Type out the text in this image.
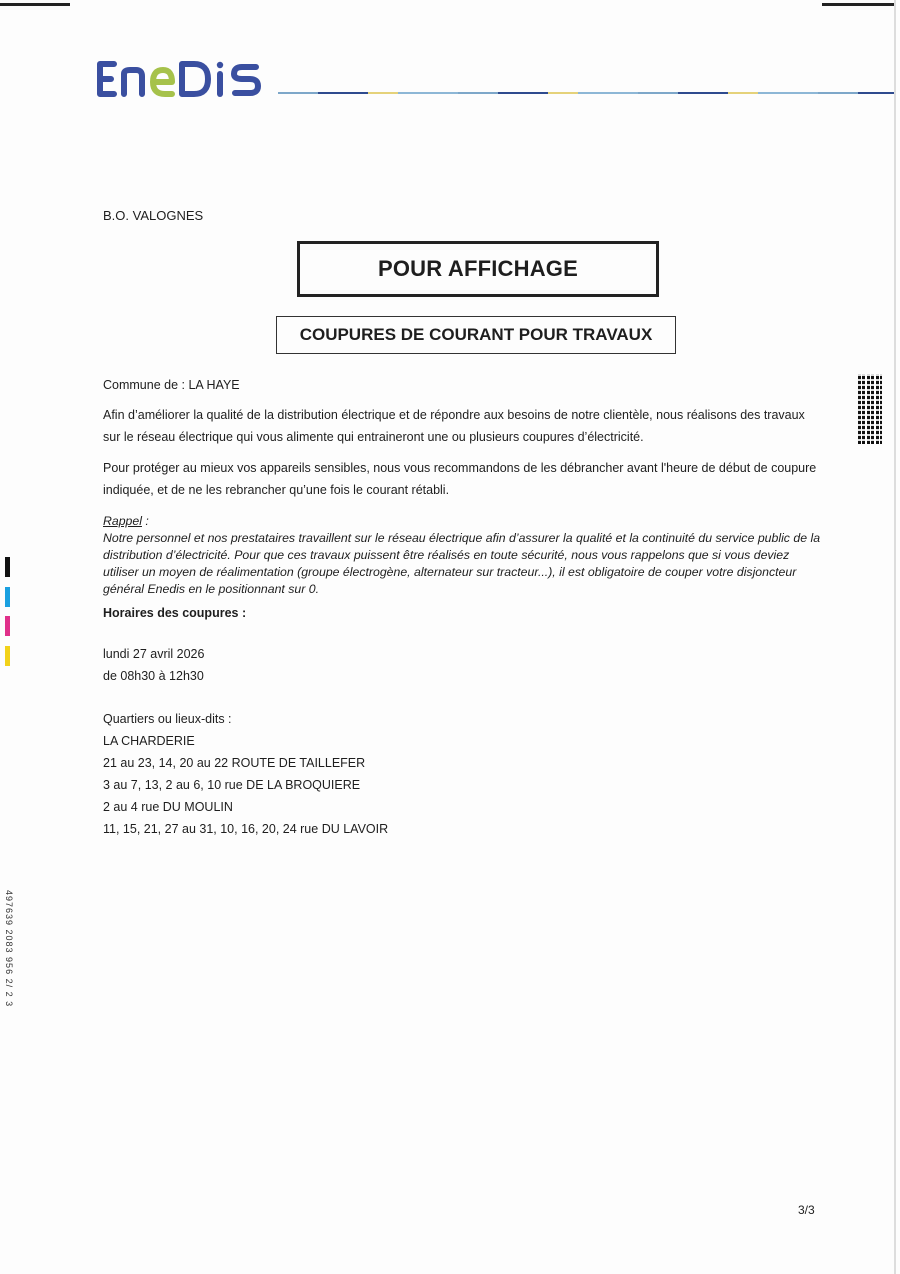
B.O. VALOGNES
POUR AFFICHAGE
COUPURES DE COURANT POUR TRAVAUX
Commune de : LA HAYE
Afin d’améliorer la qualité de la distribution électrique et de répondre aux besoins de notre clientèle, nous réalisons des travaux sur le réseau électrique qui vous alimente qui entraineront une ou plusieurs coupures d’électricité.
Pour protéger au mieux vos appareils sensibles, nous vous recommandons de les débrancher avant l'heure de début de coupure indiquée, et de ne les rebrancher qu’une fois le courant rétabli.
Rappel :
Notre personnel et nos prestataires travaillent sur le réseau électrique afin d’assurer la qualité et la continuité du service public de la distribution d’électricité. Pour que ces travaux puissent être réalisés en toute sécurité, nous vous rappelons que si vous deviez utiliser un moyen de réalimentation (groupe électrogène, alternateur sur tracteur...), il est obligatoire de couper votre disjoncteur général Enedis en le positionnant sur 0.
Horaires des coupures :
lundi 27 avril 2026
de 08h30 à 12h30
Quartiers ou lieux-dits :
LA CHARDERIE
21 au 23, 14, 20 au 22 ROUTE DE TAILLEFER
3 au 7, 13, 2 au 6, 10 rue DE LA BROQUIERE
2 au 4 rue DU MOULIN
11, 15, 21, 27 au 31, 10, 16, 20, 24 rue DU LAVOIR
497639 2083 956 2/ 2 3
3/3
